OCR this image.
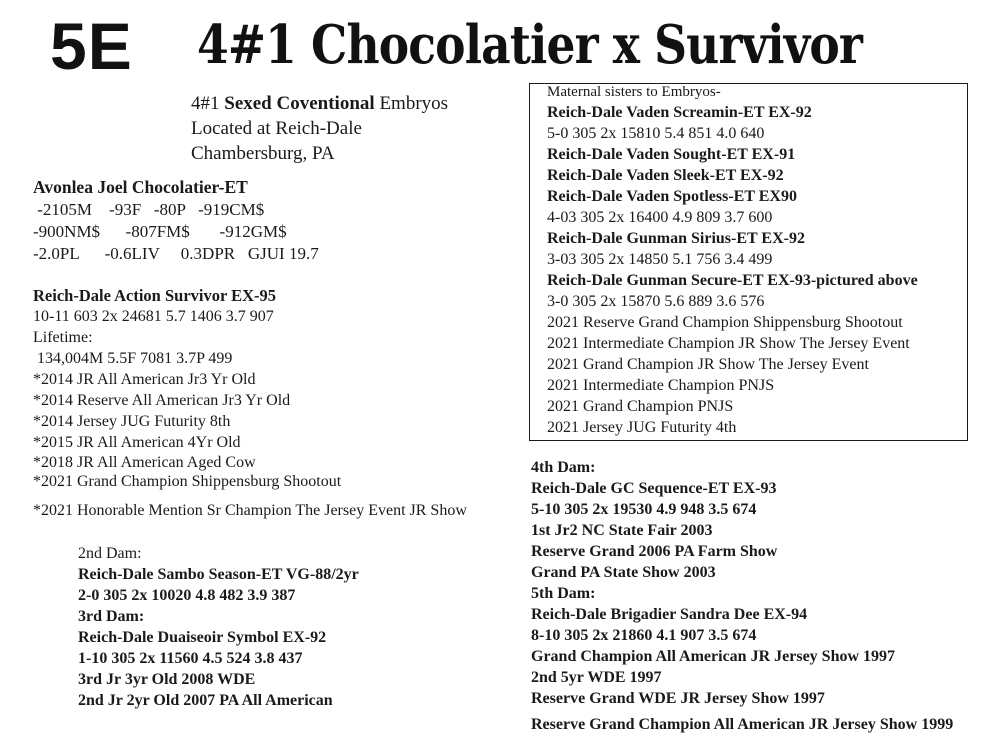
5E 4#1 Chocolatier x Survivor
4#1 Sexed Coventional Embryos
Located at Reich-Dale
Chambersburg, PA
Avonlea Joel Chocolatier-ET
-2105M    -93F   -80P   -919CM$
-900NM$      -807FM$       -912GM$
-2.0PL      -0.6LIV     0.3DPR   GJUI 19.7
Reich-Dale Action Survivor EX-95
10-11 603 2x 24681 5.7 1406 3.7 907
Lifetime:
134,004M 5.5F 7081 3.7P 499
*2014 JR All American Jr3 Yr Old
*2014 Reserve All American Jr3 Yr Old
*2014 Jersey JUG Futurity 8th
*2015 JR All American 4Yr Old
*2018 JR All American Aged Cow
*2021 Grand Champion Shippensburg Shootout
*2021 Honorable Mention Sr Champion The Jersey Event JR Show
2nd Dam:
Reich-Dale Sambo Season-ET VG-88/2yr
2-0 305 2x 10020 4.8 482 3.9 387
3rd Dam:
Reich-Dale Duaiseoir Symbol EX-92
1-10 305 2x 11560 4.5 524 3.8 437
3rd Jr 3yr Old 2008 WDE
2nd Jr 2yr Old 2007 PA All American
Maternal sisters to Embryos-
Reich-Dale Vaden Screamin-ET EX-92
5-0 305 2x 15810 5.4 851 4.0 640
Reich-Dale Vaden Sought-ET EX-91
Reich-Dale Vaden Sleek-ET EX-92
Reich-Dale Vaden Spotless-ET EX90
4-03 305 2x 16400 4.9 809 3.7 600
Reich-Dale Gunman Sirius-ET EX-92
3-03 305 2x 14850 5.1 756 3.4 499
Reich-Dale Gunman Secure-ET EX-93-pictured above
3-0 305 2x 15870 5.6 889 3.6 576
2021 Reserve Grand Champion Shippensburg Shootout
2021 Intermediate Champion JR Show The Jersey Event
2021 Grand Champion JR Show The Jersey Event
2021 Intermediate Champion PNJS
2021 Grand Champion PNJS
2021 Jersey JUG Futurity 4th
4th Dam:
Reich-Dale GC Sequence-ET EX-93
5-10 305 2x 19530 4.9 948 3.5 674
1st Jr2 NC State Fair 2003
Reserve Grand 2006 PA Farm Show
Grand PA State Show 2003
5th Dam:
Reich-Dale Brigadier Sandra Dee EX-94
8-10 305 2x 21860 4.1 907 3.5 674
Grand Champion All American JR Jersey Show 1997
2nd 5yr WDE 1997
Reserve Grand WDE JR Jersey Show 1997
Reserve Grand Champion All American JR Jersey Show 1999
